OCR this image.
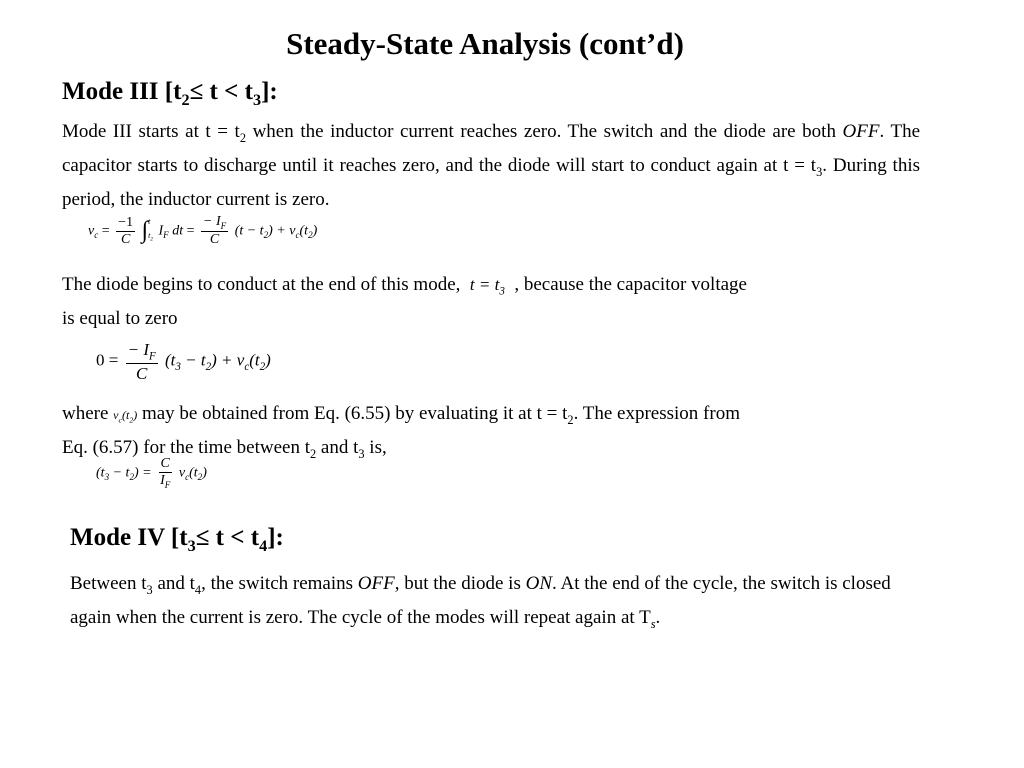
Steady-State Analysis (cont’d)
Mode III $[t_2\le t < t_3]$:
Mode III starts at $t = t_2$ when the inductor current reaches zero. The switch and the diode are both OFF. The capacitor starts to discharge until it reaches zero, and the diode will start to conduct again at $t = t_3$. During this period, the inductor current is zero.
$v_c = \frac{-1}{C}$ ∫ t
$t_2$
$I_F$ dt = $\frac{- I_F}{C} (t - t_2) + v_c(t_2)$
The diode begins to conduct at the end of this mode, $t = t_3$ , because the capacitor voltage
is equal to zero
$0 = \frac{- I_F}{C} (t_3 - t_2) + v_c(t_2)$
where $v_c(t_2)$ may be obtained from Eq. (6.55) by evaluating it at $t = t_2$. The expression from
Eq. (6.57) for the time between $t_2$ and $t_3$ is,
$(t_3 - t_2) = \frac{C}{I_F} v_c(t_2)$
Mode IV $[t_3\le t < t_4]$:
Between $t_3$ and $t_4$, the switch remains OFF, but the diode is ON. At the end of the cycle, the switch is closed again when the current is zero. The cycle of the modes will repeat again at $T_s$.
